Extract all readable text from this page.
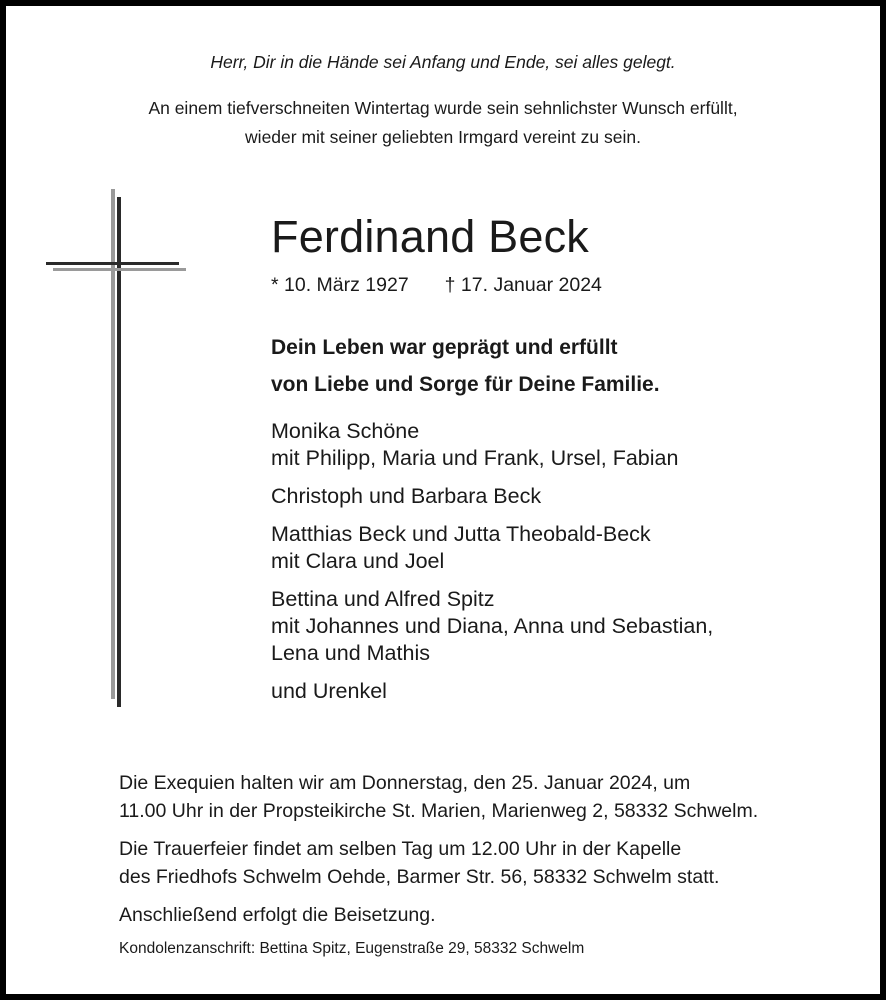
Herr, Dir in die Hände sei Anfang und Ende, sei alles gelegt.
An einem tiefverschneiten Wintertag wurde sein sehnlichster Wunsch erfüllt,
wieder mit seiner geliebten Irmgard vereint zu sein.
Ferdinand Beck
* 10. März 1927 † 17. Januar 2024
Dein Leben war geprägt und erfüllt
von Liebe und Sorge für Deine Familie.
Monika Schöne
mit Philipp, Maria und Frank, Ursel, Fabian
Christoph und Barbara Beck
Matthias Beck und Jutta Theobald-Beck
mit Clara und Joel
Bettina und Alfred Spitz
mit Johannes und Diana, Anna und Sebastian,
Lena und Mathis
und Urenkel
Die Exequien halten wir am Donnerstag, den 25. Januar 2024, um
11.00 Uhr in der Propsteikirche St. Marien, Marienweg 2, 58332 Schwelm.
Die Trauerfeier findet am selben Tag um 12.00 Uhr in der Kapelle
des Friedhofs Schwelm Oehde, Barmer Str. 56, 58332 Schwelm statt.
Anschließend erfolgt die Beisetzung.
Kondolenzanschrift: Bettina Spitz, Eugenstraße 29, 58332 Schwelm
